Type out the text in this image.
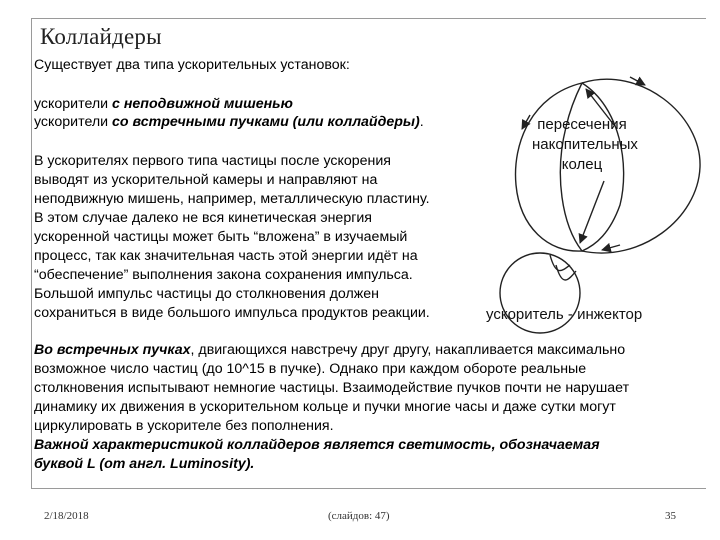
Коллайдеры
Существует два типа ускорительных установок:
ускорители с неподвижной мишенью
ускорители со встречными пучками (или коллайдеры).
В ускорителях первого типа частицы после ускорения
выводят из ускорительной камеры и направляют на
неподвижную мишень, например, металлическую пластину.
В этом случае далеко не вся кинетическая энергия
ускоренной частицы может быть “вложена” в изучаемый
процесс, так как значительная часть этой энергии идёт на
“обеспечение” выполнения закона сохранения импульса.
Большой импульс частицы до столкновения должен
сохраниться в виде большого импульса продуктов реакции.
пересечения
накопительных
колец
ускоритель - инжектор
Во встречных пучках, двигающихся навстречу друг другу, накапливается максимально
возможное число частиц (до 10^15 в пучке). Однако при каждом обороте реальные
столкновения испытывают немногие частицы. Взаимодействие пучков почти не нарушает
динамику их движения в ускорительном кольце и пучки многие часы и даже сутки могут
циркулировать в ускорителе без пополнения.
Важной характеристикой коллайдеров является светимость, обозначаемая
буквой L (от англ. Luminosity).
2/18/2018	(слайдов: 47)	35
